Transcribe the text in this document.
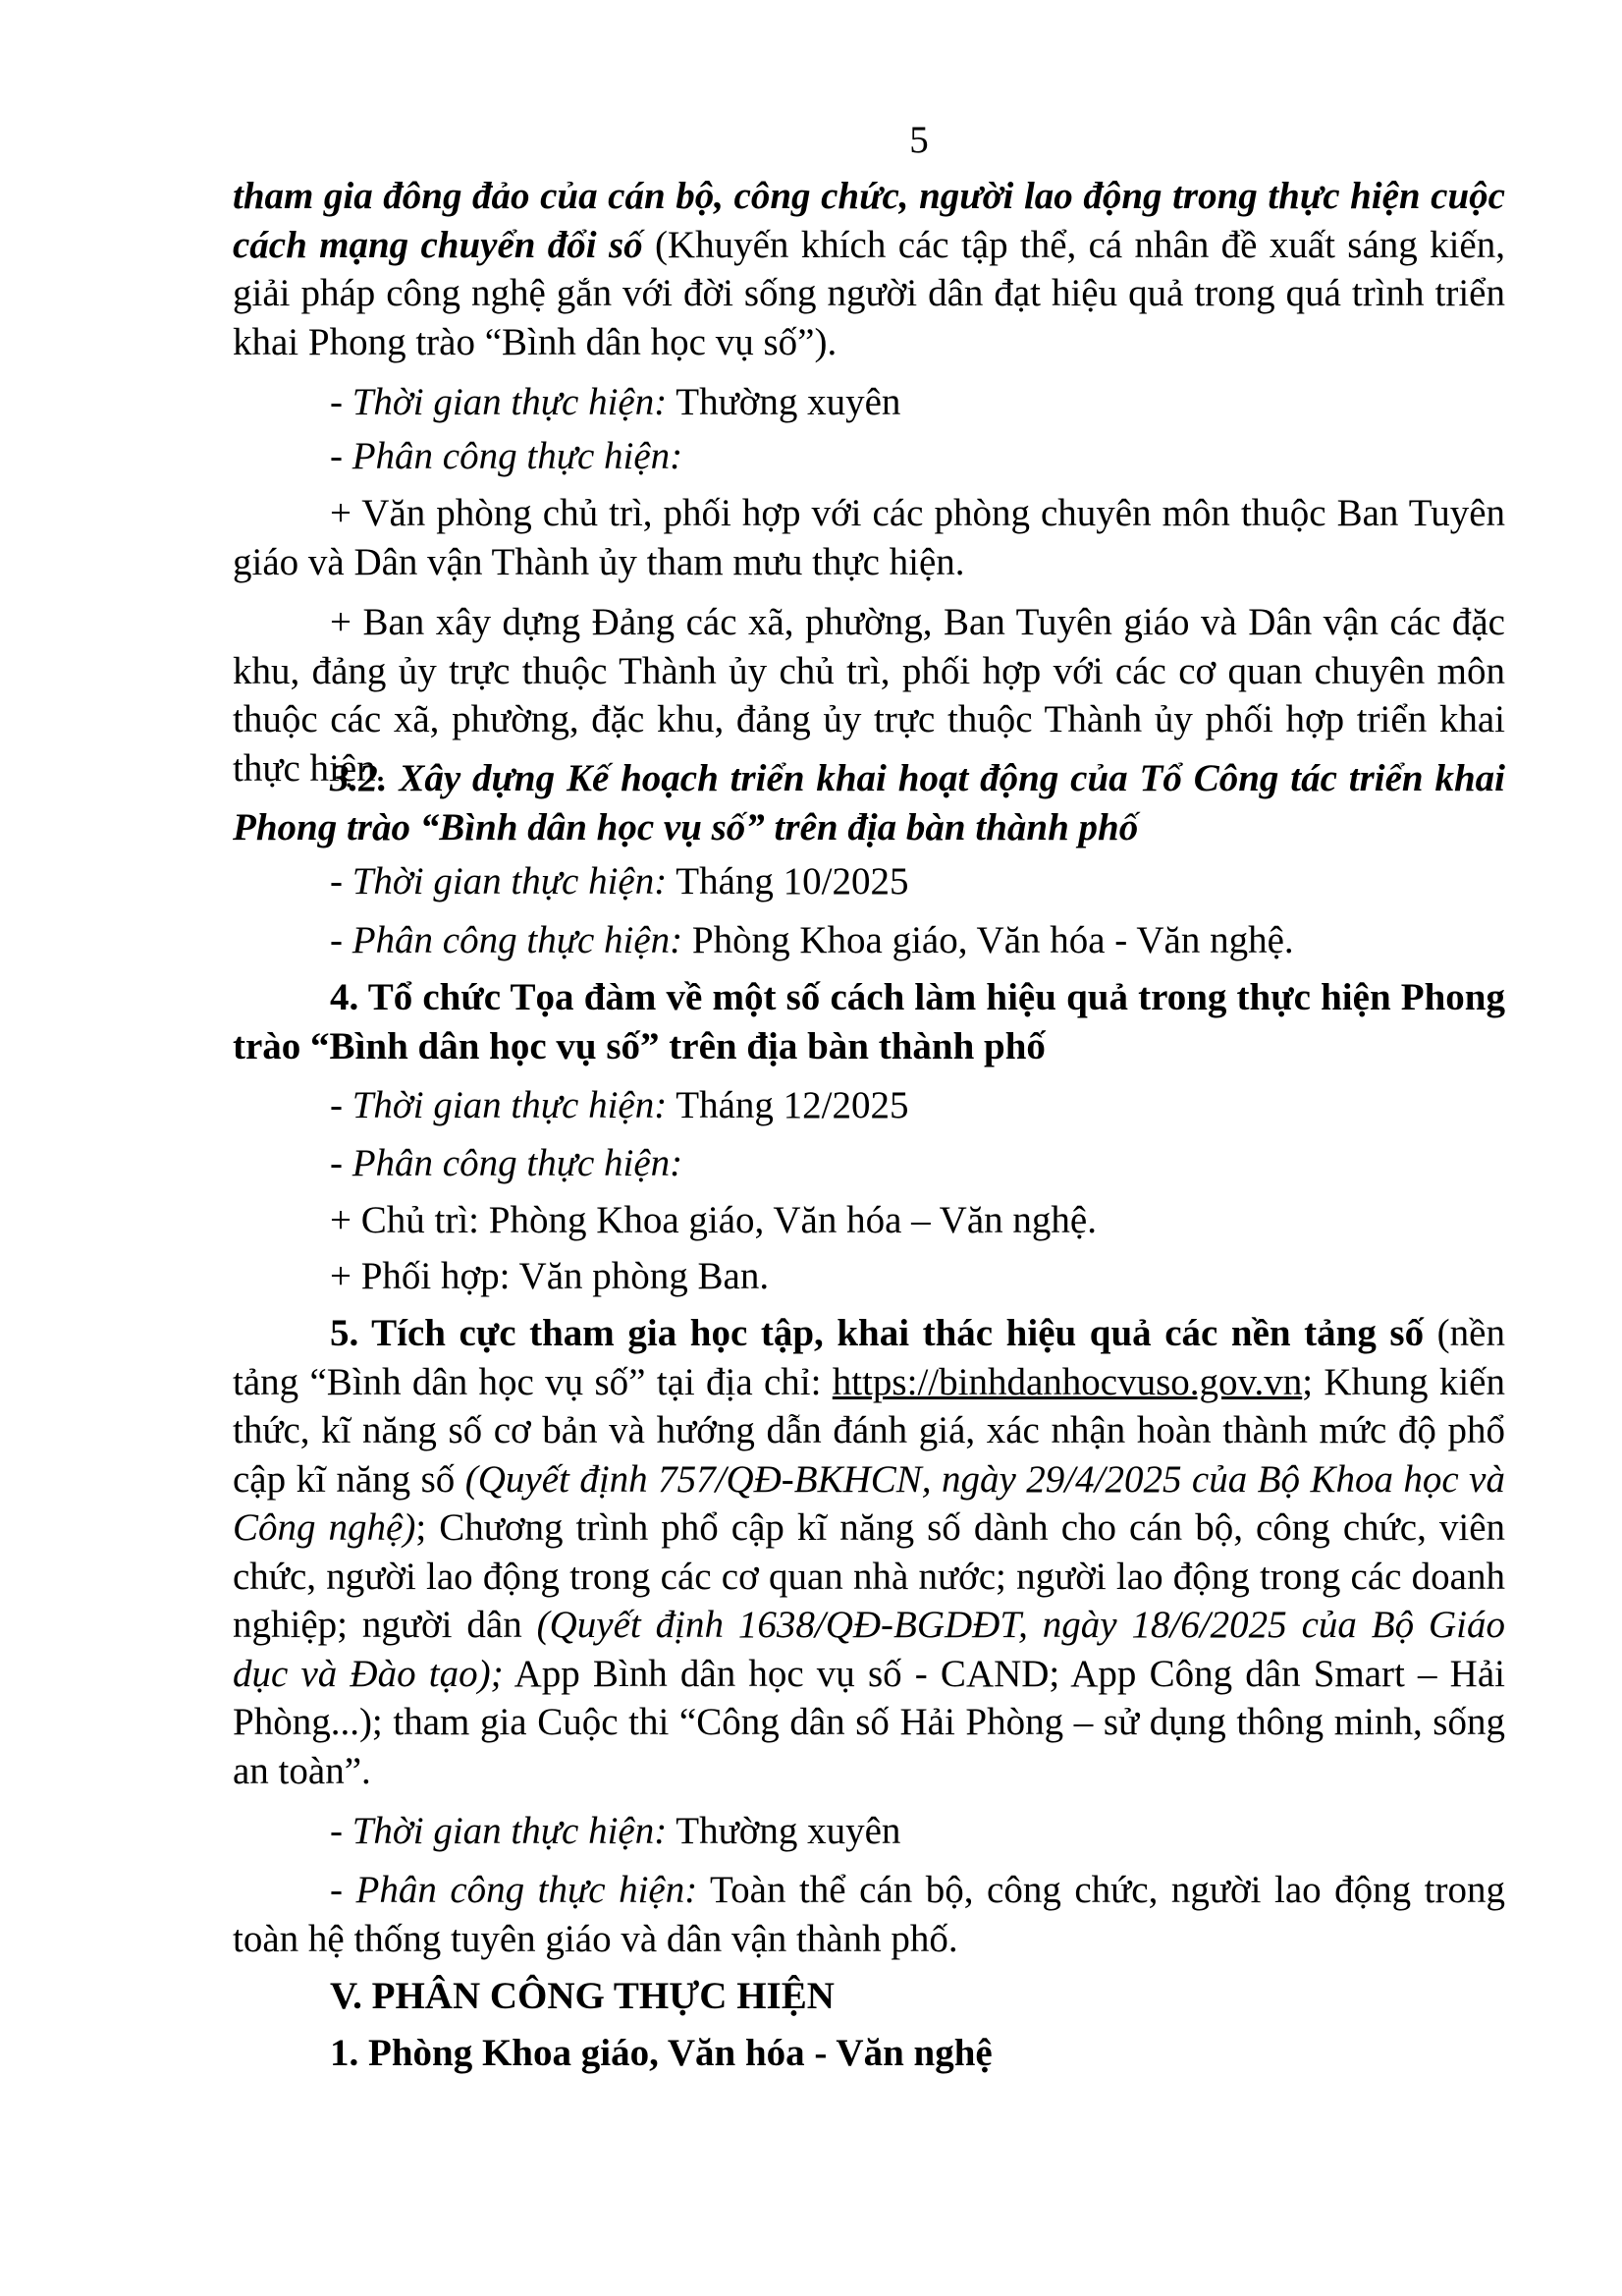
5

tham gia đông đảo của cán bộ, công chức, người lao động trong thực hiện cuộc cách mạng chuyển đổi số (Khuyến khích các tập thể, cá nhân đề xuất sáng kiến, giải pháp công nghệ gắn với đời sống người dân đạt hiệu quả trong quá trình triển khai Phong trào “Bình dân học vụ số”).

- Thời gian thực hiện: Thường xuyên

- Phân công thực hiện:

+ Văn phòng chủ trì, phối hợp với các phòng chuyên môn thuộc Ban Tuyên giáo và Dân vận Thành ủy tham mưu thực hiện.

+ Ban xây dựng Đảng các xã, phường, Ban Tuyên giáo và Dân vận các đặc khu, đảng ủy trực thuộc Thành ủy chủ trì, phối hợp với các cơ quan chuyên môn thuộc các xã, phường, đặc khu, đảng ủy trực thuộc Thành ủy phối hợp triển khai thực hiện.

3.2. Xây dựng Kế hoạch triển khai hoạt động của Tổ Công tác triển khai Phong trào “Bình dân học vụ số” trên địa bàn thành phố

- Thời gian thực hiện: Tháng 10/2025

- Phân công thực hiện: Phòng Khoa giáo, Văn hóa - Văn nghệ.

4. Tổ chức Tọa đàm về một số cách làm hiệu quả trong thực hiện Phong trào “Bình dân học vụ số” trên địa bàn thành phố

- Thời gian thực hiện: Tháng 12/2025

- Phân công thực hiện:

+ Chủ trì: Phòng Khoa giáo, Văn hóa – Văn nghệ.

+ Phối hợp: Văn phòng Ban.

5. Tích cực tham gia học tập, khai thác hiệu quả các nền tảng số (nền tảng “Bình dân học vụ số” tại địa chỉ: https://binhdanhocvuso.gov.vn; Khung kiến thức, kĩ năng số cơ bản và hướng dẫn đánh giá, xác nhận hoàn thành mức độ phổ cập kĩ năng số (Quyết định 757/QĐ-BKHCN, ngày 29/4/2025 của Bộ Khoa học và Công nghệ); Chương trình phổ cập kĩ năng số dành cho cán bộ, công chức, viên chức, người lao động trong các cơ quan nhà nước; người lao động trong các doanh nghiệp; người dân (Quyết định 1638/QĐ-BGDĐT, ngày 18/6/2025 của Bộ Giáo dục và Đào tạo); App Bình dân học vụ số - CAND; App Công dân Smart – Hải Phòng...); tham gia Cuộc thi “Công dân số Hải Phòng – sử dụng thông minh, sống an toàn”.

- Thời gian thực hiện: Thường xuyên

- Phân công thực hiện: Toàn thể cán bộ, công chức, người lao động trong toàn hệ thống tuyên giáo và dân vận thành phố.

V. PHÂN CÔNG THỰC HIỆN

1. Phòng Khoa giáo, Văn hóa - Văn nghệ
